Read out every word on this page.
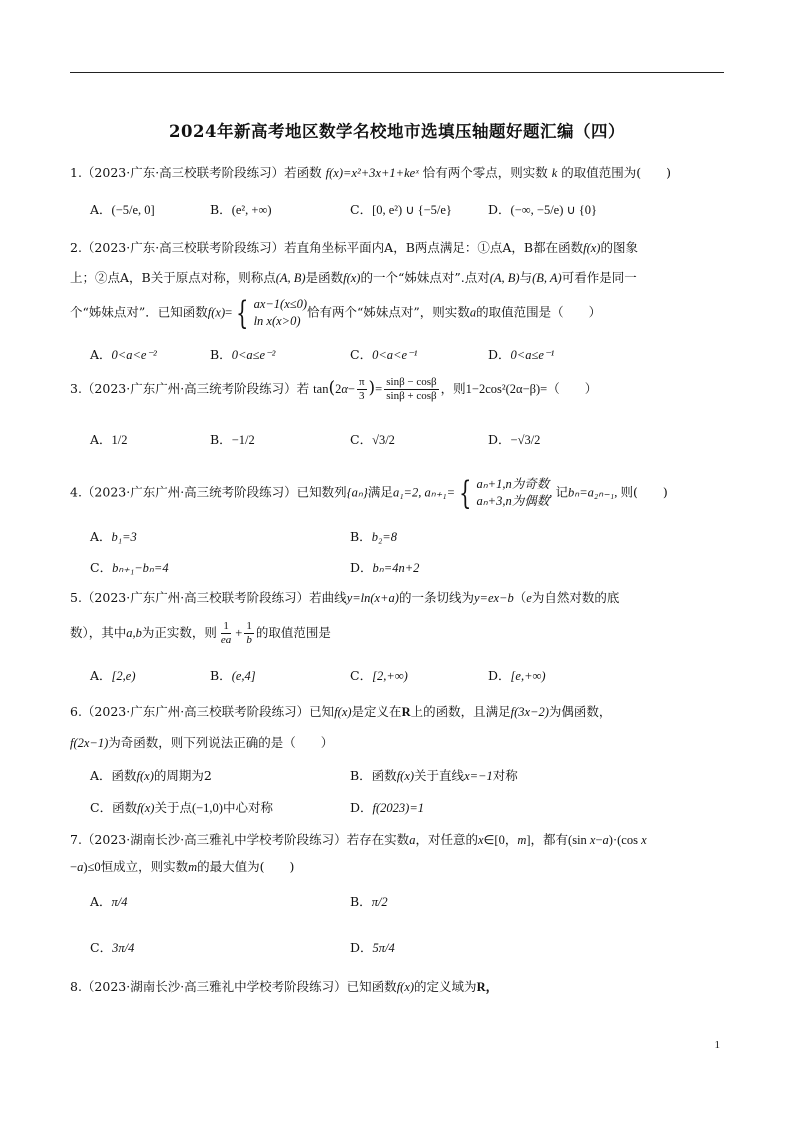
2024年新高考地区数学名校地市选填压轴题好题汇编（四）
1.（2023·广东·高三校联考阶段练习）若函数 f(x)=x²+3x+1+keˣ 恰有两个零点，则实数 k 的取值范围为(　　)
A．(−5/e, 0]	B．(e², +∞)	C．[0, e²) ∪ {−5/e}	D．(−∞, −5/e) ∪ {0}
2.（2023·广东·高三校联考阶段练习）若直角坐标平面内A，B两点满足：①点A，B都在函数f(x)的图象
上；②点A，B关于原点对称，则称点(A, B)是函数f(x)的一个“姊妹点对”.点对(A, B)与(B, A)可看作是同一
个“姊妹点对”．已知函数f(x)= { ax−1(x≤0)
ln x(x>0)
恰有两个“姊妹点对”，则实数a的取值范围是（　　）
A．0<a<e⁻²	B．0<a≤e⁻²	C．0<a<e⁻¹	D．0<a≤e⁻¹
3.（2023·广东广州·高三统考阶段练习）若 $\tan(2\alpha- \frac{\pi}{3}$ )= $\frac{\sin\beta - \cos\beta}{\sin\beta + \cos\beta}$ ，则1−2cos²(2α−β)=（　　）
A．1/2	B．−1/2	C．√3/2	D．−√3/2
4.（2023·广东广州·高三统考阶段练习）已知数列{aₙ}满足a₁=2, aₙ₊₁= { aₙ+1,n为奇数
aₙ+3,n为偶数
, 记bₙ=a₂ₙ₋₁, 则(　　)
A．b₁=3	B．b₂=8
C．bₙ₊₁−bₙ=4	D．bₙ=4n+2
5.（2023·广东广州·高三校联考阶段练习）若曲线y=ln(x+a)的一条切线为y=ex−b（e为自然对数的底
数），其中a,b为正实数，则 $\frac{1}{ea} + \frac{1}{b}$ 的取值范围是
A．[2,e)	B．(e,4]	C．[2,+∞)	D．[e,+∞)
6.（2023·广东广州·高三校联考阶段练习）已知f(x)是定义在R上的函数，且满足f(3x−2)为偶函数，
f(2x−1)为奇函数，则下列说法正确的是（　　）
A．函数f(x)的周期为2	B．函数f(x)关于直线x=−1对称
C．函数f(x)关于点(−1,0)中心对称	D．f(2023)=1
7.（2023·湖南长沙·高三雅礼中学校考阶段练习）若存在实数a，对任意的x∈[0，m]，都有(sin x−a)·(cos x
−a)≤0恒成立，则实数m的最大值为(　　)
A．π/4	B．π/2
C．3π/4	D．5π/4
8.（2023·湖南长沙·高三雅礼中学校考阶段练习）已知函数f(x)的定义域为R，
1
